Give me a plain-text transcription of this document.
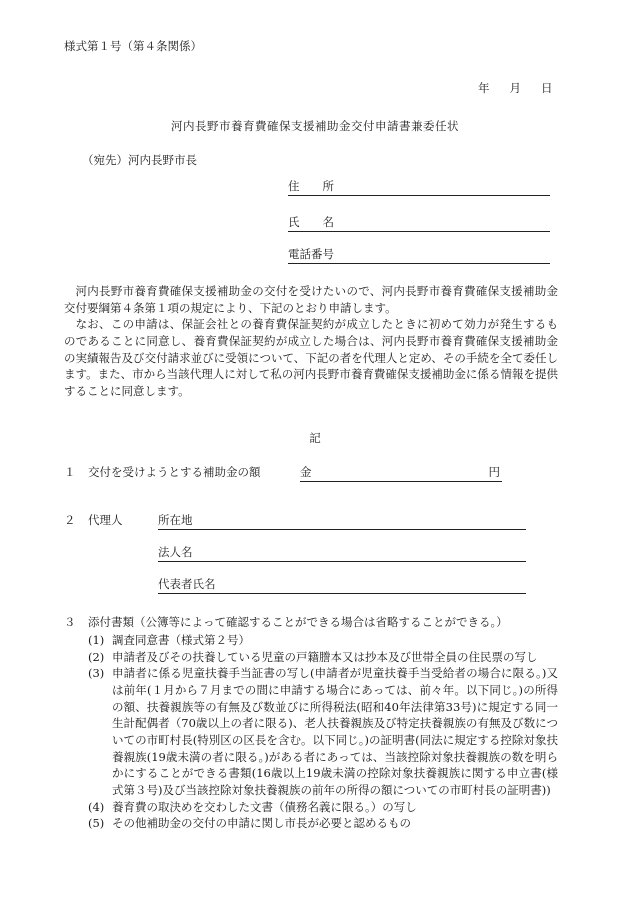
様式第１号（第４条関係）
年 月 日
河内長野市養育費確保支援補助金交付申請書兼委任状
（宛先）河内長野市長
住　　所
氏　　名
電話番号

河内長野市養育費確保支援補助金の交付を受けたいので、河内長野市養育費確保支援補助金交付要綱第４条第１項の規定により、下記のとおり申請します。

なお、この申請は、保証会社との養育費保証契約が成立したときに初めて効力が発生するものであることに同意し、養育費保証契約が成立した場合は、河内長野市養育費確保支援補助金の実績報告及び交付請求並びに受領について、下記の者を代理人と定め、その手続を全て委任します。また、市から当該代理人に対して私の河内長野市養育費確保支援補助金に係る情報を提供することに同意します。

記
１ 交付を受けようとする補助金の額	金	円
２ 代理人	所在地
法人名
代表者氏名
３ 添付書類（公簿等によって確認することができる場合は省略することができる。）
(1) 調査同意書（様式第２号）
(2) 申請者及びその扶養している児童の戸籍謄本又は抄本及び世帯全員の住民票の写し
(3) 申請者に係る児童扶養手当証書の写し(申請者が児童扶養手当受給者の場合に限る。)又は前年(１月から７月までの間に申請する場合にあっては、前々年。以下同じ。)の所得の額、扶養親族等の有無及び数並びに所得税法(昭和40年法律第33号)に規定する同一生計配偶者（70歳以上の者に限る)、老人扶養親族及び特定扶養親族の有無及び数についての市町村長(特別区の区長を含む。以下同じ。)の証明書(同法に規定する控除対象扶養親族(19歳未満の者に限る。)がある者にあっては、当該控除対象扶養親族の数を明らかにすることができる書類(16歳以上19歳未満の控除対象扶養親族に関する申立書(様式第３号)及び当該控除対象扶養親族の前年の所得の額についての市町村長の証明書))
(4) 養育費の取決めを交わした文書（債務名義に限る。）の写し
(5) その他補助金の交付の申請に関し市長が必要と認めるもの
